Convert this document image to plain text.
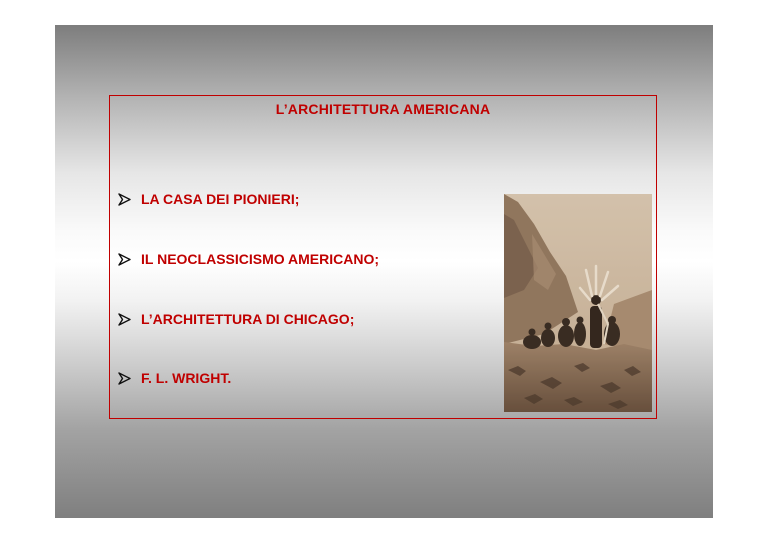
L’ARCHITETTURA AMERICANA
LA CASA DEI PIONIERI;
IL NEOCLASSICISMO AMERICANO;
L’ARCHITETTURA DI CHICAGO;
F. L. WRIGHT.
